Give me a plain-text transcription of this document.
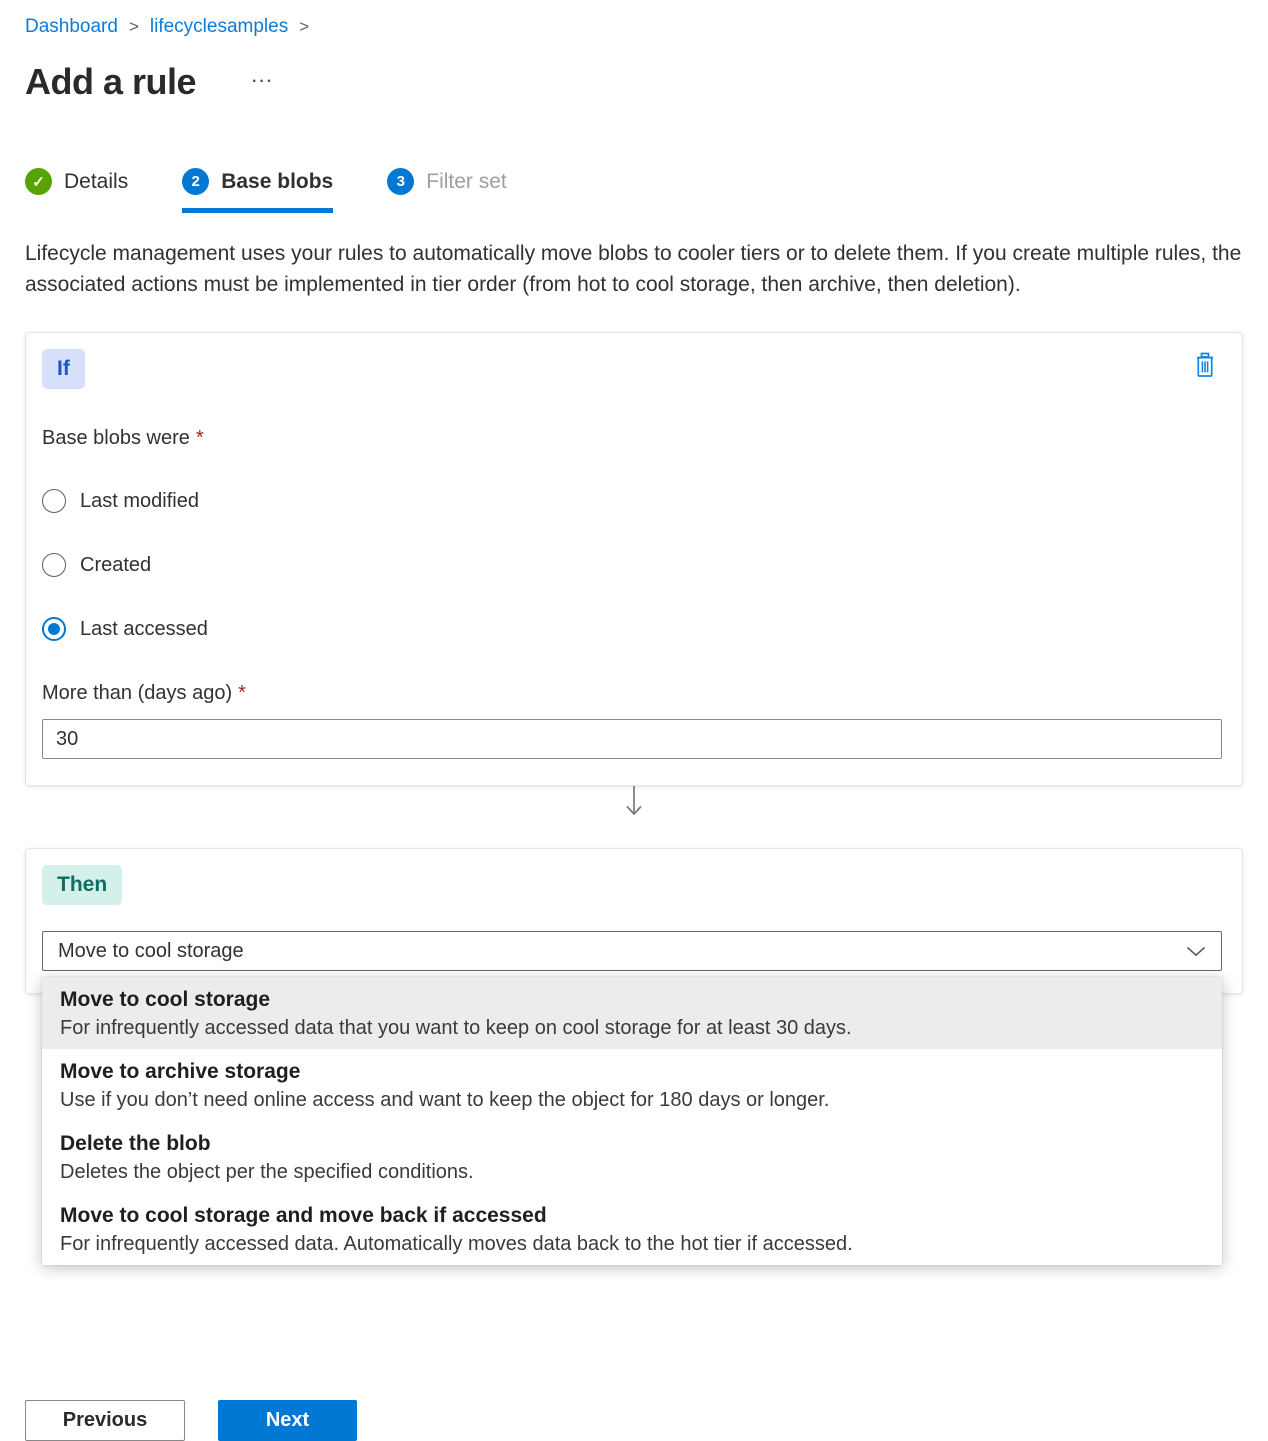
Dashboard > lifecyclesamples >
Add a rule	···
✓ Details	2	Base blobs	3	Filter set

Lifecycle management uses your rules to automatically move blobs to cooler tiers or to delete them. If you create multiple rules, the associated actions must be implemented in tier order (from hot to cool storage, then archive, then deletion).

If
Base blobs were *
Last modified
Created
Last accessed
More than (days ago) *
30
Then
Move to cool storage
Move to cool storage
For infrequently accessed data that you want to keep on cool storage for at least 30 days.
Move to archive storage
Use if you don’t need online access and want to keep the object for 180 days or longer.
Delete the blob
Deletes the object per the specified conditions.
Move to cool storage and move back if accessed
For infrequently accessed data. Automatically moves data back to the hot tier if accessed.
Previous	Next
